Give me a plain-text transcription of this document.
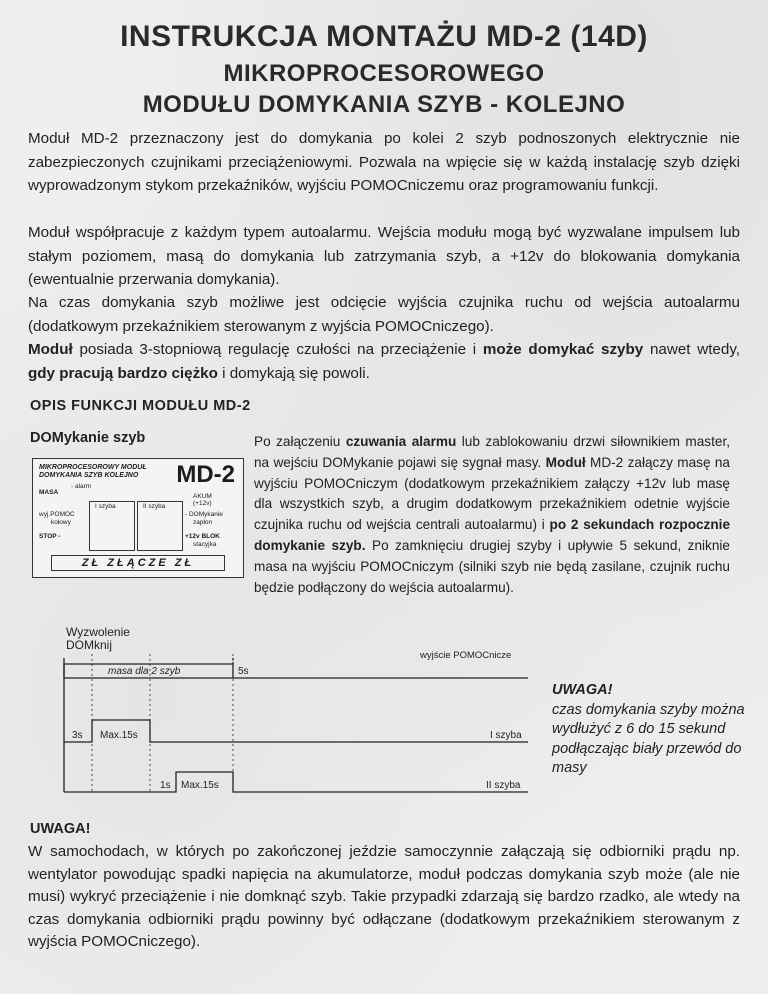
INSTRUKCJA MONTAŻU MD-2 (14D)
MIKROPROCESOROWEGO
MODUŁU DOMYKANIA SZYB - KOLEJNO
Moduł MD-2 przeznaczony jest do domykania po kolei 2 szyb podnoszonych elektrycznie nie zabezpieczonych czujnikami przeciążeniowymi. Pozwala na wpięcie się w każdą instalację szyb dzięki wyprowadzonym stykom przekaźników, wyjściu POMOCniczemu oraz programowaniu funkcji.
Moduł współpracuje z każdym typem autoalarmu. Wejścia modułu mogą być wyzwalane impulsem lub stałym poziomem, masą do domykania lub zatrzymania szyb, a +12v do blokowania domykania (ewentualnie przerwania domykania).
Na czas domykania szyb możliwe jest odcięcie wyjścia czujnika ruchu od wejścia autoalarmu (dodatkowym przekaźnikiem sterowanym z wyjścia POMOCniczego).
Moduł posiada 3-stopniową regulację czułości na przeciążenie i może domykać szyby nawet wtedy, gdy pracują bardzo ciężko i domykają się powoli.
OPIS FUNKCJI MODUŁU MD-2
DOMykanie szyb
MIKROPROCESOROWY MODUŁ
DOMYKANIA SZYB KOLEJNO	MD-2
MASA
- alarm
wyj.POMOC
kołowy
STOP -
I szyba	II szyba
AKUM
(+12v)
- DOMykanie
zapłon
+12v BLOK
stacyjka
ZŁ ZŁĄCZE ZŁ
Po załączeniu czuwania alarmu lub zablokowaniu drzwi siłownikiem master, na wejściu DOMykanie pojawi się sygnał masy. Moduł MD-2 załączy masę na wyjściu POMOCniczym (dodatkowym przekaźnikiem załączy +12v lub masę dla wszystkich szyb, a drugim dodatkowym przekaźnikiem odetnie wyjście czujnika ruchu od wejścia centrali autoalarmu) i po 2 sekundach rozpocznie domykanie szyb. Po zamknięciu drugiej szyby i upływie 5 sekund, zniknie masa na wyjściu POMOCniczym (silniki szyb nie będą zasilane, czujnik ruchu będzie podłączony do wejścia autoalarmu).
Wyzwolenie
DOMknij
wyjście POMOCnicze
masa dla 2 szyb	5s
3s Max.15s	I szyba
1s Max.15s	II szyba
UWAGA!
czas domykania szyby można wydłużyć z 6 do 15 sekund podłączając biały przewód do masy
UWAGA!
W samochodach, w których po zakończonej jeździe samoczynnie załączają się odbiorniki prądu np. wentylator powodując spadki napięcia na akumulatorze, moduł podczas domykania szyb może (ale nie musi) wykryć przeciążenie i nie domknąć szyb. Takie przypadki zdarzają się bardzo rzadko, ale wtedy na czas domykania odbiorniki prądu powinny być odłączane (dodatkowym przekaźnikiem sterowanym z wyjścia POMOCniczego).
